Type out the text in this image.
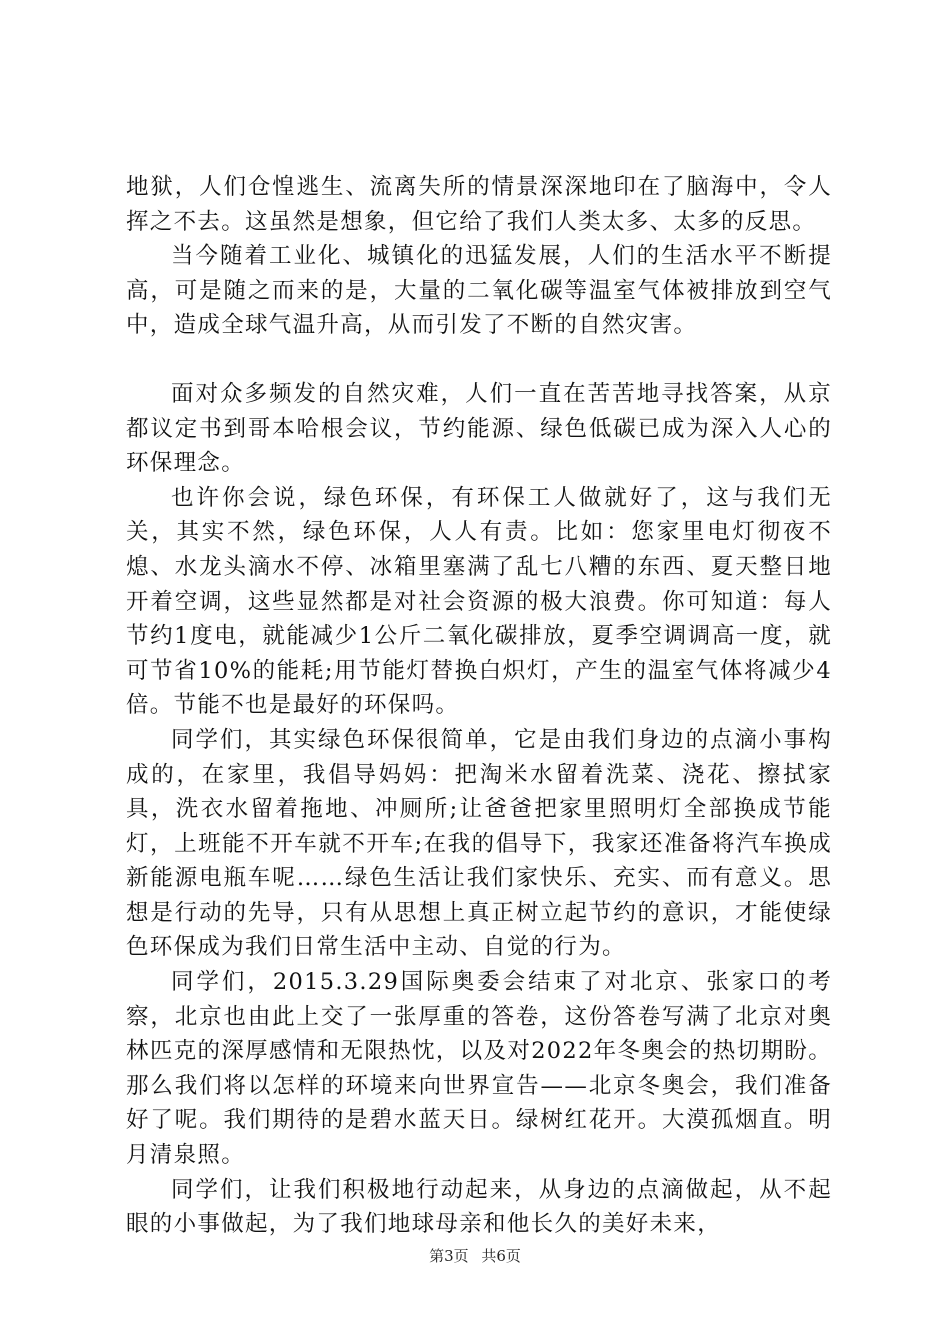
地狱，人们仓惶逃生、流离失所的情景深深地印在了脑海中，令人挥之不去。这虽然是想象，但它给了我们人类太多、太多的反思。

当今随着工业化、城镇化的迅猛发展，人们的生活水平不断提高，可是随之而来的是，大量的二氧化碳等温室气体被排放到空气中，造成全球气温升高，从而引发了不断的自然灾害。

面对众多频发的自然灾难，人们一直在苦苦地寻找答案，从京都议定书到哥本哈根会议，节约能源、绿色低碳已成为深入人心的环保理念。

也许你会说，绿色环保，有环保工人做就好了，这与我们无关，其实不然，绿色环保，人人有责。比如：您家里电灯彻夜不熄、水龙头滴水不停、冰箱里塞满了乱七八糟的东西、夏天整日地开着空调，这些显然都是对社会资源的极大浪费。你可知道：每人节约1度电，就能减少1公斤二氧化碳排放，夏季空调调高一度，就可节省10%的能耗;用节能灯替换白炽灯，产生的温室气体将减少4倍。节能不也是最好的环保吗。

同学们，其实绿色环保很简单，它是由我们身边的点滴小事构成的，在家里，我倡导妈妈：把淘米水留着洗菜、浇花、擦拭家具，洗衣水留着拖地、冲厕所;让爸爸把家里照明灯全部换成节能灯，上班能不开车就不开车;在我的倡导下，我家还准备将汽车换成新能源电瓶车呢……绿色生活让我们家快乐、充实、而有意义。思想是行动的先导，只有从思想上真正树立起节约的意识，才能使绿色环保成为我们日常生活中主动、自觉的行为。

同学们，2015.3.29国际奥委会结束了对北京、张家口的考察，北京也由此上交了一张厚重的答卷，这份答卷写满了北京对奥林匹克的深厚感情和无限热忱，以及对2022年冬奥会的热切期盼。那么我们将以怎样的环境来向世界宣告——北京冬奥会，我们准备好了呢。我们期待的是碧水蓝天日。绿树红花开。大漠孤烟直。明月清泉照。

同学们，让我们积极地行动起来，从身边的点滴做起，从不起眼的小事做起，为了我们地球母亲和他长久的美好未来，

第3页 共6页
